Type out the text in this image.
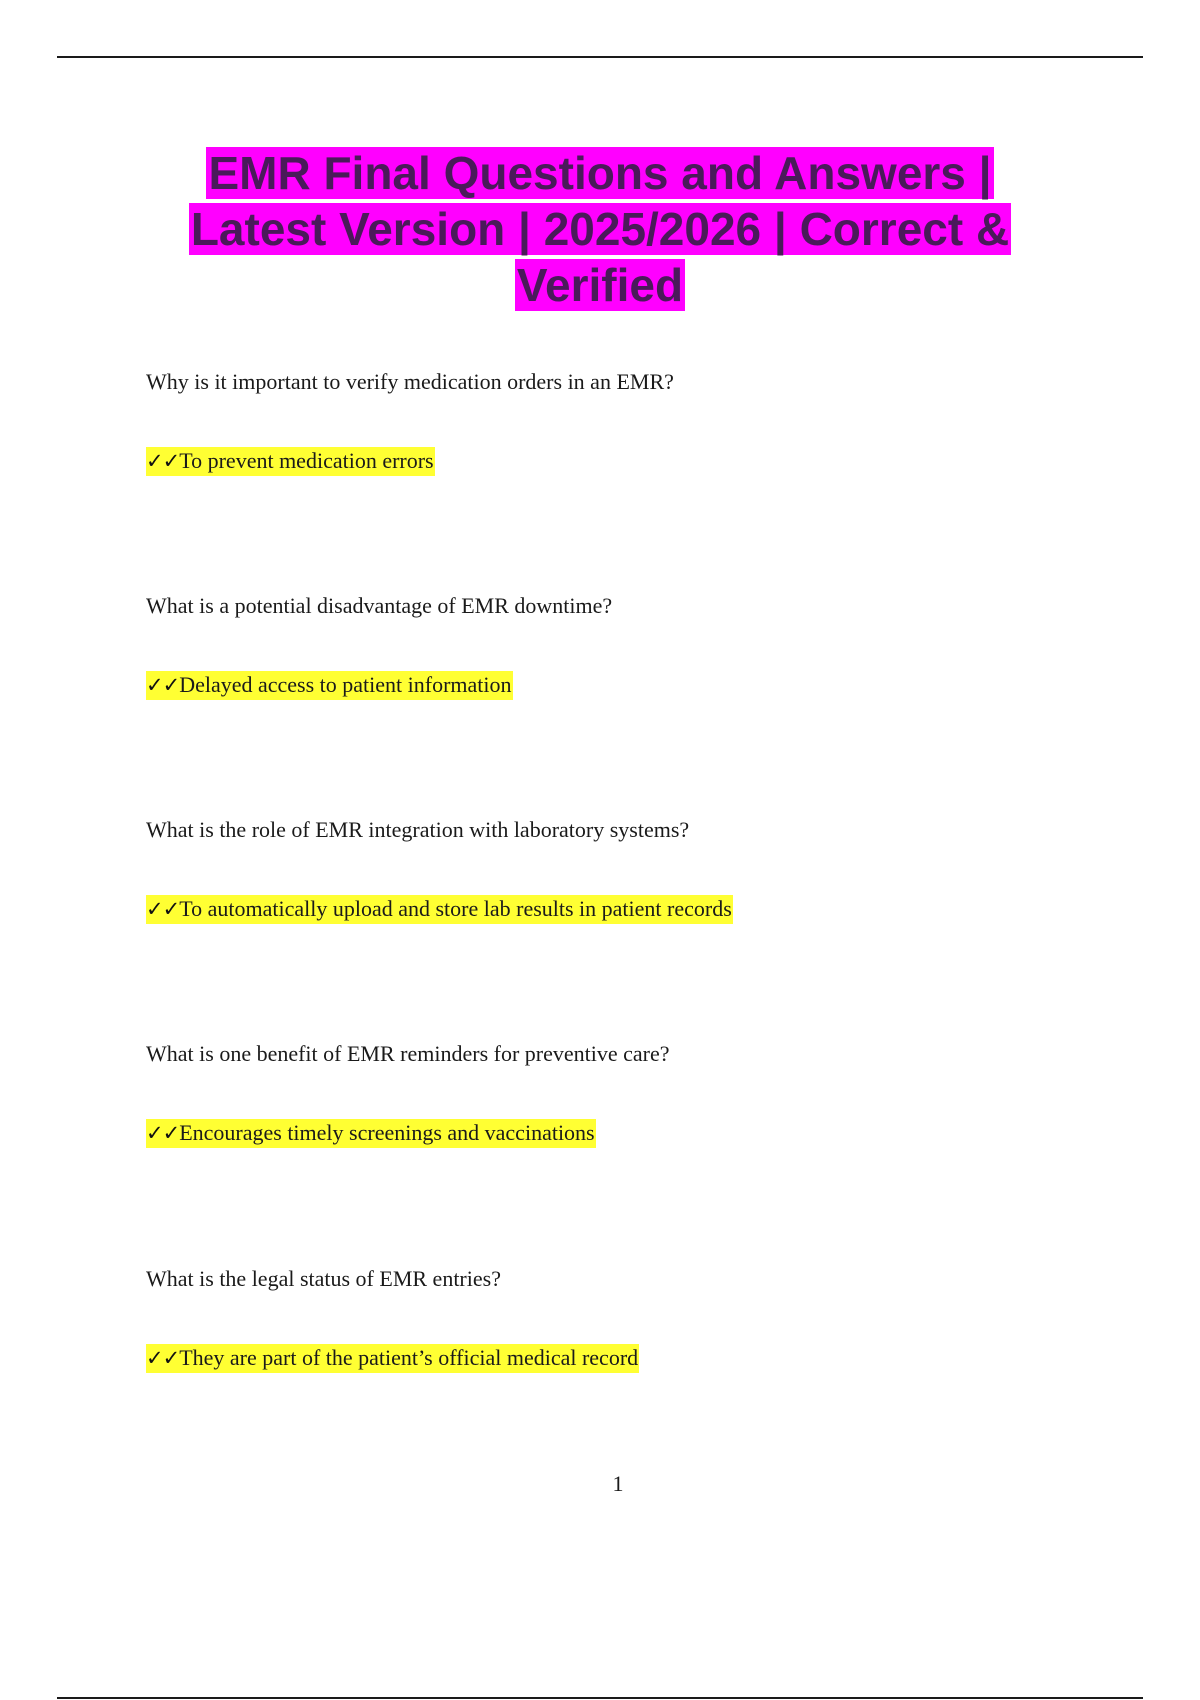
EMR Final Questions and Answers |

Latest Version | 2025/2026 | Correct &

Verified

Why is it important to verify medication orders in an EMR?

✓✓To prevent medication errors

What is a potential disadvantage of EMR downtime?

✓✓Delayed access to patient information

What is the role of EMR integration with laboratory systems?

✓✓To automatically upload and store lab results in patient records

What is one benefit of EMR reminders for preventive care?

✓✓Encourages timely screenings and vaccinations

What is the legal status of EMR entries?

✓✓They are part of the patient’s official medical record
1
